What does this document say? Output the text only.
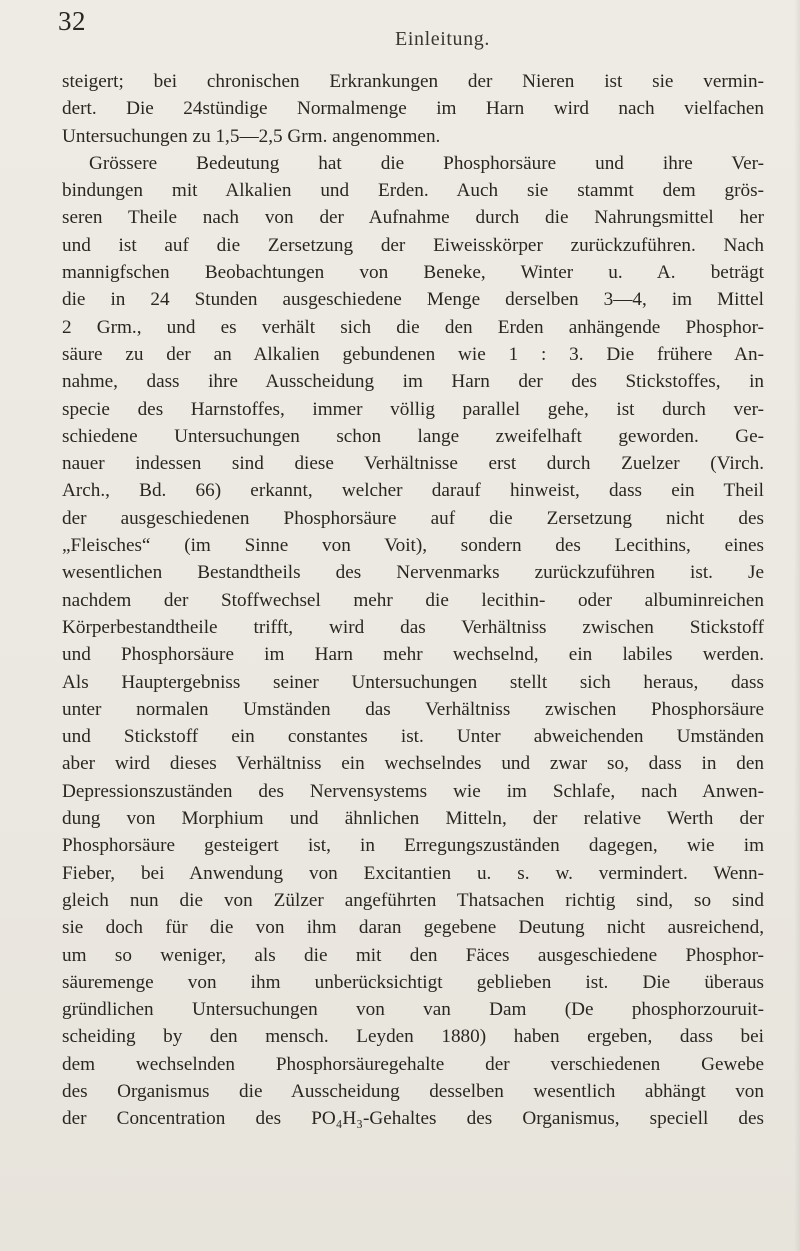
32
Einleitung.
steigert; bei chronischen Erkrankungen der Nieren ist sie vermin-
dert. Die 24stündige Normalmenge im Harn wird nach vielfachen
Untersuchungen zu 1,5—2,5 Grm. angenommen.
Grössere Bedeutung hat die Phosphorsäure und ihre Ver-
bindungen mit Alkalien und Erden. Auch sie stammt dem grös-
seren Theile nach von der Aufnahme durch die Nahrungsmittel her
und ist auf die Zersetzung der Eiweisskörper zurückzuführen. Nach
mannigfschen Beobachtungen von Beneke, Winter u. A. beträgt
die in 24 Stunden ausgeschiedene Menge derselben 3—4, im Mittel
2 Grm., und es verhält sich die den Erden anhängende Phosphor-
säure zu der an Alkalien gebundenen wie 1 : 3. Die frühere An-
nahme, dass ihre Ausscheidung im Harn der des Stickstoffes, in
specie des Harnstoffes, immer völlig parallel gehe, ist durch ver-
schiedene Untersuchungen schon lange zweifelhaft geworden. Ge-
nauer indessen sind diese Verhältnisse erst durch Zuelzer (Virch.
Arch., Bd. 66) erkannt, welcher darauf hinweist, dass ein Theil
der ausgeschiedenen Phosphorsäure auf die Zersetzung nicht des
„Fleisches“ (im Sinne von Voit), sondern des Lecithins, eines
wesentlichen Bestandtheils des Nervenmarks zurückzuführen ist. Je
nachdem der Stoffwechsel mehr die lecithin- oder albuminreichen
Körperbestandtheile trifft, wird das Verhältniss zwischen Stickstoff
und Phosphorsäure im Harn mehr wechselnd, ein labiles werden.
Als Hauptergebniss seiner Untersuchungen stellt sich heraus, dass
unter normalen Umständen das Verhältniss zwischen Phosphorsäure
und Stickstoff ein constantes ist. Unter abweichenden Umständen
aber wird dieses Verhältniss ein wechselndes und zwar so, dass in den
Depressionszuständen des Nervensystems wie im Schlafe, nach Anwen-
dung von Morphium und ähnlichen Mitteln, der relative Werth der
Phosphorsäure gesteigert ist, in Erregungszuständen dagegen, wie im
Fieber, bei Anwendung von Excitantien u. s. w. vermindert. Wenn-
gleich nun die von Zülzer angeführten Thatsachen richtig sind, so sind
sie doch für die von ihm daran gegebene Deutung nicht ausreichend,
um so weniger, als die mit den Fäces ausgeschiedene Phosphor-
säuremenge von ihm unberücksichtigt geblieben ist. Die überaus
gründlichen Untersuchungen von van Dam (De phosphorzouruit-
scheiding by den mensch. Leyden 1880) haben ergeben, dass bei
dem wechselnden Phosphorsäuregehalte der verschiedenen Gewebe
des Organismus die Ausscheidung desselben wesentlich abhängt von
der Concentration des PO₄H₃-Gehaltes des Organismus, speciell des
